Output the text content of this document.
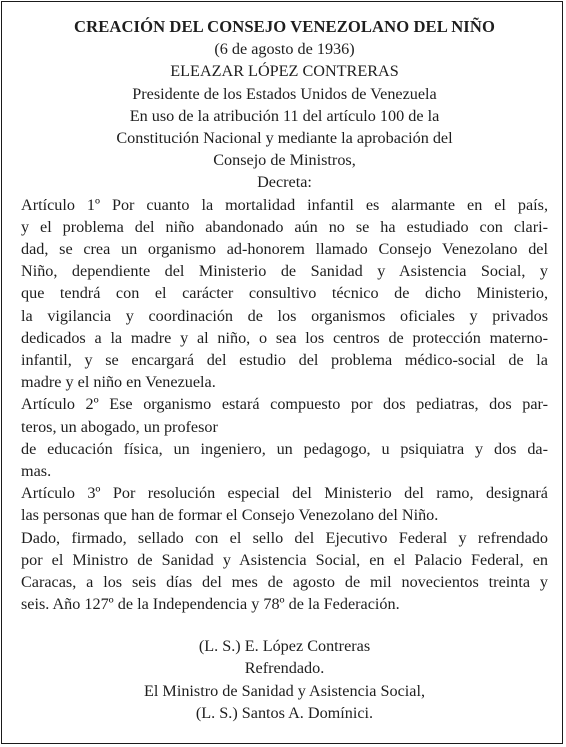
CREACIÓN DEL CONSEJO VENEZOLANO DEL NIÑO
(6 de agosto de 1936)
ELEAZAR LÓPEZ CONTRERAS
Presidente de los Estados Unidos de Venezuela
En uso de la atribución 11 del artículo 100 de la
Constitución Nacional y mediante la aprobación del
Consejo de Ministros,
Decreta:
Artículo 1º Por cuanto la mortalidad infantil es alarmante en el país,
y el problema del niño abandonado aún no se ha estudiado con clari-
dad, se crea un organismo ad-honorem llamado Consejo Venezolano del
Niño, dependiente del Ministerio de Sanidad y Asistencia Social, y
que tendrá con el carácter consultivo técnico de dicho Ministerio,
la vigilancia y coordinación de los organismos oficiales y privados
dedicados a la madre y al niño, o sea los centros de protección materno-
infantil, y se encargará del estudio del problema médico-social de la
madre y el niño en Venezuela.
Artículo 2º Ese organismo estará compuesto por dos pediatras, dos par-
teros, un abogado, un profesor
de educación física, un ingeniero, un pedagogo, u psiquiatra y dos da-
mas.
Artículo 3º Por resolución especial del Ministerio del ramo, designará
las personas que han de formar el Consejo Venezolano del Niño.
Dado, firmado, sellado con el sello del Ejecutivo Federal y refrendado
por el Ministro de Sanidad y Asistencia Social, en el Palacio Federal, en
Caracas, a los seis días del mes de agosto de mil novecientos treinta y
seis. Año 127º de la Independencia y 78º de la Federación.
(L. S.) E. López Contreras
Refrendado.
El Ministro de Sanidad y Asistencia Social,
(L. S.) Santos A. Domínici.
